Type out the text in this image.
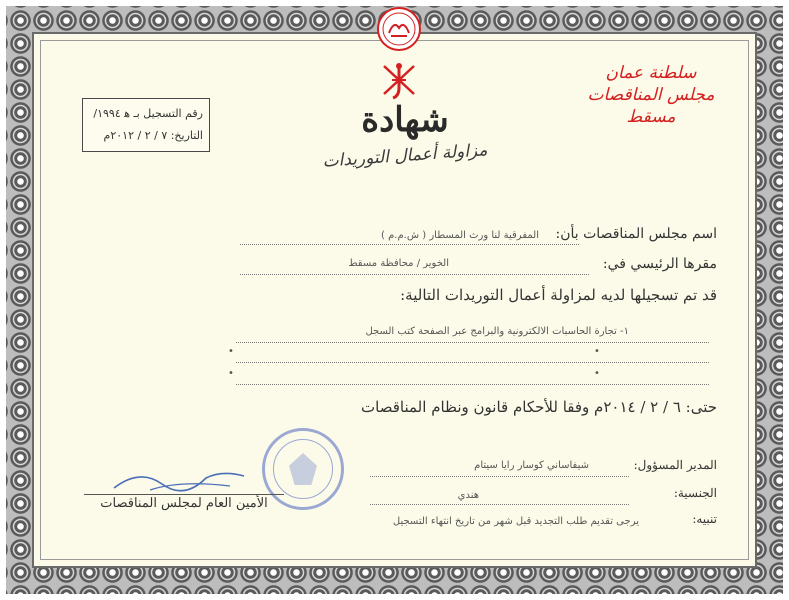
رقم التسجيل بـ ﻫ ١٩٩٤/
التاريخ: ٧ / ٢ / ٢٠١٢م
سلطنة عمان
مجلس المناقصات
مسقط
شهادة
مزاولة أعمال التوريدات
اسم مجلس المناقصات بأن:
المفرقية لنا ورث المسطار ( ش.م.م )
مقرها الرئيسي في:
الخوير / محافظة مسقط
قد تم تسجيلها لديه لمزاولة أعمال التوريدات التالية:
١- تجارة الحاسبات الالكترونية والبرامج عبر الصفحة كتب السجل
•
•
•
•
حتى: ٦ / ٢ / ٢٠١٤م وفقا للأحكام قانون ونظام المناقصات
المدير المسؤول:
شيفاساني كوسار رايا سيتام
الجنسية:
هندي
تنبيه:
يرجى تقديم طلب التجديد قبل شهر من تاريخ انتهاء التسجيل
الأمين العام لمجلس المناقصات
